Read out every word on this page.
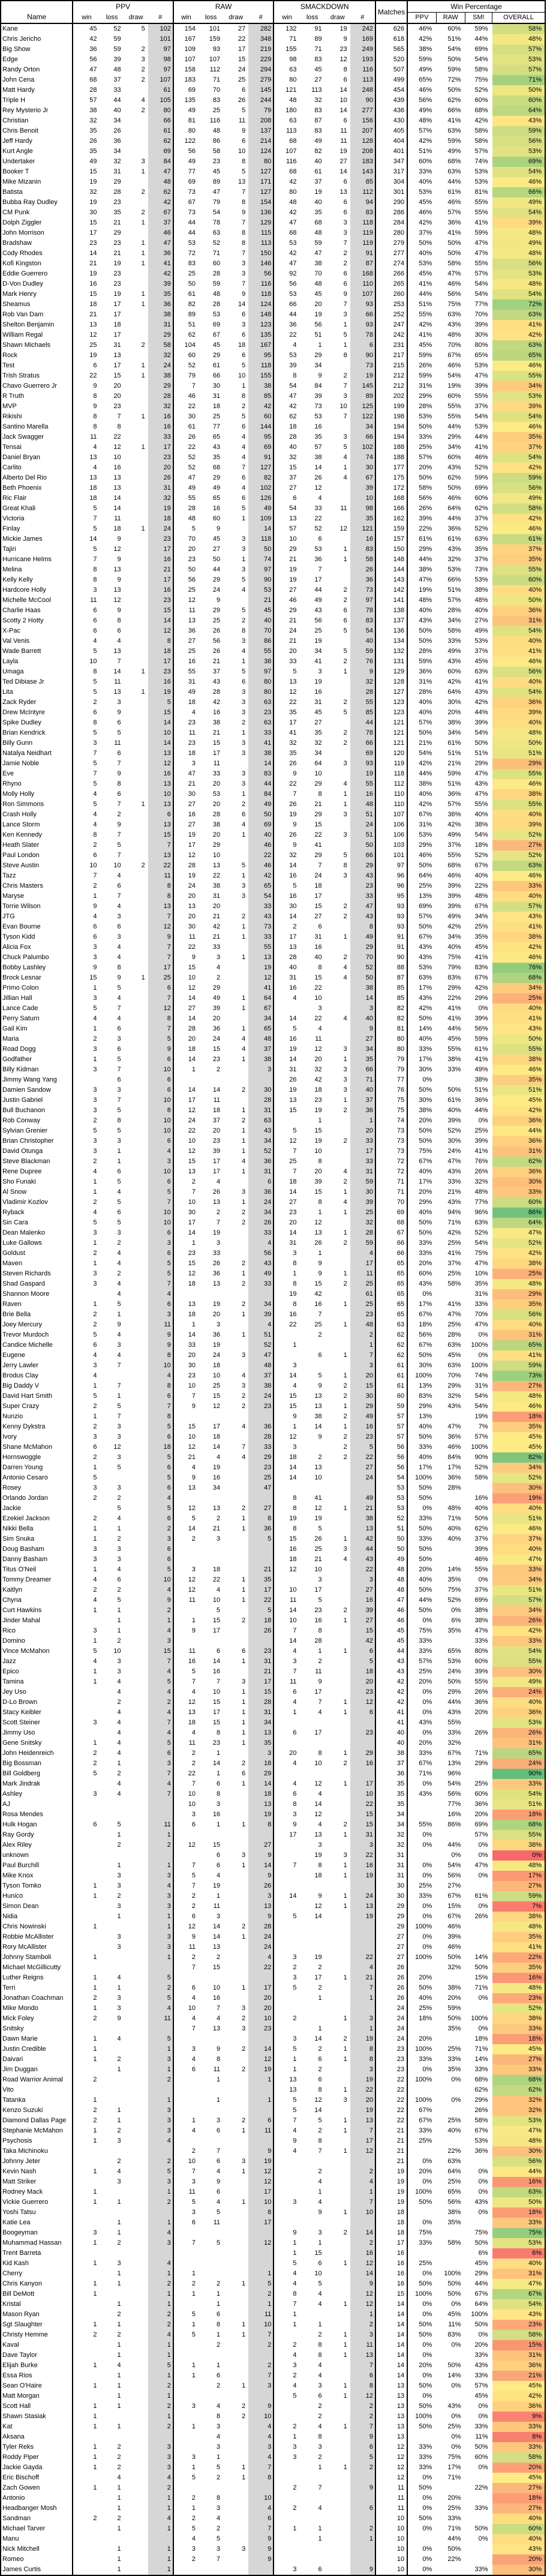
Name	PPV				RAW				SMACKDOWN				Matches	Win Percentage			
	win	loss	draw	#	win	loss	draw	#	win	loss	draw	#		PPV	RAW	SM!	OVERALL
Kane	45	52	5	102	154	101	27	282	132	91	19	242	626	46%	60%	59%	58%
Chris Jericho	42	59		101	167	159	22	348	71	89	9	169	618	42%	51%	44%	48%
Big Show	36	59	2	97	109	93	17	219	155	71	23	249	565	38%	54%	69%	57%
Edge	56	39	3	98	107	107	15	229	98	83	12	193	520	59%	50%	54%	53%
Randy Orton	47	48	2	97	158	112	24	294	63	45	8	116	507	49%	59%	58%	57%
John Cena	68	37	2	107	183	71	25	279	80	27	6	113	499	65%	72%	75%	71%
Matt Hardy	28	33		61	69	70	6	145	121	113	14	248	454	46%	50%	52%	50%
Triple H	57	44	4	105	135	83	26	244	48	32	10	90	439	56%	62%	60%	60%
Rey Mysterio Jr	38	40	2	80	49	25	5	79	180	83	14	277	436	49%	66%	68%	64%
Christian	32	34		66	81	116	11	208	63	87	6	156	430	48%	41%	42%	43%
Chris Benoit	35	26		61	80	48	9	137	113	83	11	207	405	57%	63%	58%	59%
Jeff Hardy	26	36		62	122	86	6	214	68	49	11	128	404	42%	59%	58%	56%
Kurt Angle	35	34		69	56	58	10	124	107	82	19	208	401	51%	49%	57%	53%
Undertaker	49	32	3	84	49	23	8	80	116	40	27	183	347	60%	68%	74%	69%
Booker T	15	31	1	47	77	45	5	127	68	61	14	143	317	33%	63%	53%	54%
Mike Mizanin	19	29		48	69	89	13	171	42	37	6	85	304	40%	44%	53%	46%
Batista	32	28	2	62	73	47	7	127	80	19	13	112	301	53%	61%	81%	66%
Bubba Ray Dudley	19	23		42	67	79	8	154	48	40	6	94	290	45%	46%	55%	49%
CM Punk	30	35	2	67	73	54	9	136	42	35	6	83	286	46%	57%	55%	54%
Dolph Ziggler	15	21	1	37	44	78	7	129	47	68	3	118	284	42%	36%	41%	39%
John Morrison	17	29		46	44	63	8	115	68	48	3	119	280	37%	41%	59%	48%
Bradshaw	23	23	1	47	53	52	8	113	53	59	7	119	279	50%	50%	47%	49%
Cody Rhodes	14	21	1	36	72	71	7	150	42	47	2	91	277	40%	50%	47%	48%
Kofi Kingston	21	19	1	41	83	60	3	146	47	38	2	87	274	53%	58%	55%	56%
Eddie Guerrero	19	23		42	25	28	3	56	92	70	6	168	266	45%	47%	57%	53%
D-Von Dudley	16	23		39	50	59	7	116	56	48	6	110	265	41%	46%	54%	48%
Mark Henry	15	19	1	35	61	48	9	118	53	45	9	107	260	44%	56%	54%	54%
Sheamus	18	17	1	36	82	28	14	124	66	20	7	93	253	51%	75%	77%	72%
Rob Van Dam	21	17		38	89	53	6	148	44	19	3	66	252	55%	63%	70%	63%
Shelton Benjamin	13	18		31	51	69	3	123	36	56	1	93	247	42%	43%	39%	41%
William Regal	12	17		29	62	67	6	135	22	51	5	78	242	41%	48%	30%	42%
Shawn Michaels	25	31	2	58	104	45	18	167	4	1	1	6	231	45%	70%	80%	63%
Rock	19	13		32	60	29	6	95	53	29	8	90	217	59%	67%	65%	65%
Test	6	17	1	24	52	61	5	118	39	34		73	215	26%	46%	53%	46%
Trish Stratus	22	15	1	38	79	66	10	155	8	9	2	19	212	59%	54%	47%	55%
Chavo Guerrero Jr	9	20		29	7	30	1	38	54	84	7	145	212	31%	19%	39%	34%
R Truth	8	20		28	46	31	8	85	47	39	3	89	202	29%	60%	55%	53%
MVP	9	23		32	22	18	2	42	42	73	10	125	199	28%	55%	37%	39%
Rikishi	8	7	1	16	30	25	5	60	62	53	7	122	198	53%	55%	54%	54%
Santino Marella	8	8		16	61	77	6	144	18	16		34	194	50%	44%	53%	46%
Jack Swagger	11	22		33	26	65	4	95	28	35	3	66	194	33%	29%	44%	35%
Tensai	4	12	1	17	22	43	4	69	40	57	5	102	188	25%	34%	41%	37%
Daniel Bryan	13	10		23	52	35	4	91	32	38	4	74	188	57%	60%	46%	54%
Carlito	4	16		20	52	68	7	127	15	14	1	30	177	20%	43%	52%	42%
Alberto Del Rio	13	13		26	47	29	6	82	37	26	4	67	175	50%	62%	59%	59%
Beth Phoenix	18	13		31	49	49	4	102	27	12		39	172	58%	50%	69%	56%
Ric Flair	18	14		32	55	65	6	126	6	4		10	168	56%	46%	60%	49%
Great Khali	5	14		19	28	16	5	49	54	33	11	98	166	26%	64%	62%	58%
Victoria	7	11		18	48	60	1	109	13	22		35	162	39%	44%	37%	42%
Finlay	5	18	1	24	5	9		14	57	52	12	121	159	22%	36%	52%	46%
Mickie James	14	9		23	70	45	3	118	10	6		16	157	61%	61%	63%	61%
Tajiri	5	12		17	20	27	3	50	29	53	1	83	150	29%	43%	35%	37%
Hurricane Helms	7	9		16	23	50	1	74	21	36	1	58	148	44%	32%	37%	35%
Melina	8	13		21	50	44	3	97	19	7		26	144	38%	53%	73%	55%
Kelly Kelly	8	9		17	56	29	5	90	19	17		36	143	47%	66%	53%	60%
Hardcore Holly	3	13		16	25	24	4	53	27	44	2	73	142	19%	51%	38%	40%
Michelle McCool	11	12		23	12	9		21	46	49	2	97	141	48%	57%	48%	50%
Charlie Haas	6	9		15	11	29	5	45	29	43	6	78	138	40%	28%	40%	36%
Scotty 2 Hotty	6	8		14	13	25	2	40	21	56	6	83	137	43%	34%	27%	31%
X-Pac	6	6		12	36	26	8	70	24	25	5	54	136	50%	58%	49%	54%
Val Venis	4	4		8	27	56	3	86	21	19		40	134	50%	33%	53%	40%
Wade Barrett	5	13		18	25	26	4	55	20	34	5	59	132	28%	49%	37%	41%
Layla	10	7		17	16	21	1	38	33	41	2	76	131	59%	43%	45%	46%
Umaga	8	14	1	23	55	37	5	97	5	3	1	9	129	36%	60%	63%	56%
Ted Dibiase Jr	5	11		16	31	43	6	80	13	19		32	128	31%	42%	41%	40%
Lita	5	13	1	19	49	28	3	80	12	16		28	127	28%	64%	43%	54%
Zack Ryder	2	3		5	18	42	3	63	22	31	2	55	123	40%	30%	42%	36%
Drew McIntyre	6	9		15	4	16	3	23	35	45	5	85	123	40%	20%	44%	39%
Spike Dudley	8	6		14	23	38	2	63	17	27		44	121	57%	38%	39%	40%
Brian Kendrick	5	5		10	11	21	1	33	41	35	2	78	121	50%	34%	54%	48%
Billy Gunn	3	11		14	23	15	3	41	32	32	2	66	121	21%	61%	50%	50%
Natalya Neidhart	7	6		13	18	17	3	38	35	34		69	120	54%	51%	51%	51%
Jamie Noble	5	7		12	3	11		14	26	64	3	93	119	42%	21%	29%	29%
Eve	7	9		16	47	33	3	83	9	10		19	118	44%	59%	47%	55%
Rhyno	5	8		13	21	20	3	44	22	29	4	55	112	38%	51%	43%	46%
Molly Holly	4	6		10	30	53	1	84	7	8	1	16	110	40%	36%	47%	38%
Ron Simmons	5	7	1	13	27	20	2	49	26	21	1	48	110	42%	57%	55%	55%
Crash Holly	4	2		6	16	28	6	50	19	29	3	51	107	67%	36%	40%	40%
Lance Storm	4	9		13	27	38	4	69	9	15		24	106	31%	42%	38%	39%
Ken Kennedy	8	7		15	19	20	1	40	26	22	3	51	106	53%	49%	54%	52%
Heath Slater	2	5		7	17	29		46	9	41		50	103	29%	37%	18%	27%
Paul London	6	7		13	12	10		22	32	29	5	66	101	46%	55%	52%	52%
Steve Austin	10	10	2	22	28	13	5	46	14	7	8	29	97	50%	68%	67%	63%
Tazz	7	4		11	19	22	1	42	16	24	3	43	96	64%	46%	40%	46%
Chris Masters	2	6		8	24	38	3	65	5	18		23	96	25%	39%	22%	33%
Maryse	1	7		8	20	31	3	54	16	17		33	95	13%	39%	48%	40%
Torrie Wilson	9	4		13	13	20		33	30	15	2	47	93	69%	39%	67%	57%
JTG	4	3		7	20	21	2	43	14	27	2	43	93	57%	49%	34%	43%
Evan Bourne	6	6		12	30	42	1	73	2	6		8	93	50%	42%	25%	41%
Tyson Kidd	6	3		9	11	21	1	33	17	31	1	49	91	67%	34%	35%	38%
Alicia Fox	3	4		7	22	33		55	13	16		29	91	43%	40%	45%	42%
Chuck Palumbo	3	4		7	9	3	1	13	28	40	2	70	90	43%	75%	41%	46%
Bobby Lashley	9	8		17	15	4		19	40	8	4	52	88	53%	79%	83%	76%
Brock Lesnar	15	9	1	25	10	2		12	31	15	4	50	87	63%	83%	67%	68%
Primo Colon	1	5		6	12	29		41	16	22		38	85	17%	29%	42%	34%
Jillian Hall	3	4		7	14	49	1	64	4	10		14	85	43%	22%	29%	25%
Lance Cade	5	7		12	27	39	1	67		3		3	82	42%	41%	0%	40%
Perry Saturn	4	4		8	14	20		34	14	22	4	40	82	50%	41%	39%	41%
Gail Kim	1	6		7	28	36	1	65	5	4		9	81	14%	44%	56%	43%
Maria	2	3		5	20	24	4	48	16	11		27	80	40%	45%	59%	50%
Road Dogg	3	6		9	18	15	4	37	19	12	3	34	80	33%	55%	61%	55%
Godfather	1	5		6	14	23	1	38	14	20	1	35	79	17%	38%	41%	38%
Billy Kidman	3	7		10	1	2		3	31	32	3	66	79	30%	33%	49%	46%
Jimmy Wang Yang		6		6					26	42	3	71	77	0%		38%	35%
Damien Sandow	3	3		6	14	14	2	30	19	18	3	40	76	50%	50%	51%	51%
Justin Gabriel	3	7		10	17	11		28	13	23	1	37	75	30%	61%	36%	45%
Bull Buchanon	3	5		8	12	18	1	31	15	19	2	36	75	38%	40%	44%	42%
Rob Conway	2	8		10	24	37	2	63		1		1	74	20%	39%	0%	36%
Sylvian Grenier	5	5		10	22	20	1	43	5	15		20	73	50%	52%	25%	44%
Brian Christopher	3	3		6	10	23	1	34	12	19	2	33	73	50%	30%	39%	36%
David Otunga	3	1		4	12	39	1	52	7	10		17	73	75%	24%	41%	31%
Steve Blackman	2	1		3	15	17	4	36	25	8		33	72	67%	47%	76%	62%
Rene Dupree	4	6		10	13	17	1	31	7	20	4	31	72	40%	43%	26%	36%
Sho Funaki	1	5		6	2	4		6	18	39	2	59	71	17%	33%	32%	30%
Al Snow	1	4		5	7	26	3	36	14	15	1	30	71	20%	21%	48%	33%
Vladimir Kozlov	2	5		7	10	13	1	24	27	8	4	39	70	29%	43%	77%	60%
Ryback	4	6		10	30	2	2	34	23	1	1	25	69	40%	94%	96%	86%
Sin Cara	5	5		10	17	7	2	26	20	12		32	68	50%	71%	63%	64%
Dean Malenko	3	3		6	14	19		33	14	13	1	28	67	50%	42%	52%	47%
Luke Gallows	1	2		3	1	3		4	31	26	2	59	66	33%	25%	54%	52%
Goldust	2	4		6	23	33		56	3	1		4	66	33%	41%	75%	42%
Maven	1	4		5	15	26	2	43	8	9		17	65	20%	37%	47%	38%
Steven Richards	3	2		5	12	36	1	49	1	9	1	11	65	60%	25%	10%	25%
Shad Gaspard	3	4		7	18	13	2	33	8	15	2	25	65	43%	58%	35%	48%
Shannon Moore		4		4					19	42		61	65	0%		31%	29%
Raven	1	5		6	13	19	2	34	8	16	1	25	65	17%	41%	33%	35%
Brie Bella	2	1		3	18	20	1	39	16	7		23	65	67%	47%	70%	56%
Joey Mercury	2	9		11	1	3		4	22	25	1	48	63	18%	25%	47%	40%
Trevor Murdoch	5	4		9	14	36	1	51		2		2	62	56%	28%	0%	31%
Candice Michelle	6	3		9	33	19		52	1			1	62	67%	63%	100%	65%
Eugene	4	4		8	20	24	3	47		6	1	7	62	50%	45%	0%	41%
Jerry Lawler	3	7		10	30	18		48	3			3	61	30%	63%	100%	59%
Brodus Clay	4			4	23	10	4	37	14	5	1	20	61	100%	70%	74%	73%
Big Daddy V	1	7		8	10	25	3	38	4	9	2	15	61	13%	29%	31%	27%
David Hart Smith	5	1		6	7	15	2	24	15	13	2	30	60	83%	32%	54%	48%
Super Crazy	2	5		7	9	12	2	23	15	13	1	29	59	29%	43%	54%	46%
Nunzio	1	7		8					9	38	2	49	57	13%		19%	18%
Kenny Dykstra	2	3		5	15	17	4	36	1	14	1	16	57	40%	47%	7%	35%
Ivory	3	3		6	10	18		28	12	9	2	23	57	50%	36%	57%	45%
Shane McMahon	6	12		18	12	14	7	33	3		2	5	56	33%	46%	100%	45%
Hornswoggle	2	3		5	21	4	4	29	18	2	2	22	56	40%	84%	90%	82%
Darren Young	1	5		6	4	19		23	14	13		27	56	17%	17%	52%	34%
Antonio Cesaro	5			5	9	16		25	14	10		24	54	100%	36%	58%	52%
Rosey	3	3		6	13	34		47					53	50%	28%		30%
Orlando Jordan	2	2		4					8	41		49	53	50%		16%	19%
Jackie		5		5	12	13	2	27	8	12	1	21	53	0%	48%	40%	40%
Ezekiel Jackson	2	4		6	5	2	1	8	19	19		38	52	33%	71%	50%	51%
Nikki Bella	1	1		2	14	21	1	36	8	5		13	51	50%	40%	62%	46%
Sim Snuka	1	2		3	2	3		5	15	26	1	42	50	33%	40%	37%	37%
Doug Basham	3	3		6					16	25	3	44	50	50%		39%	40%
Danny Basham	3	3		6					18	21	4	43	49	50%		46%	47%
Titus O'Neil	1	4		5	3	18		21	12	10		22	48	20%	14%	55%	33%
Tommy Dreamer	4	6		10	12	22	1	35		3		3	48	40%	35%	0%	34%
Kaitlyn	2	2		4	12	4	1	17	10	17		27	48	50%	75%	37%	51%
Chyna	4	5		9	11	10	1	22	11	5		16	47	44%	52%	69%	57%
Curt Hawkins	1	1		2		5		5	14	23	2	39	46	50%	0%	38%	34%
Jinder Mahal		1		1	1	15	2	18	10	16	1	27	46	0%	6%	38%	26%
Rico	3	1		4	9	17		26	7	8		15	45	75%	35%	47%	42%
Domino	1	2		3					14	28		42	45	33%		33%	33%
Vince McMahon	5	10		15	11	6	6	23	4	1	1	6	44	33%	65%	80%	54%
Jazz	4	3		7	16	14	1	31	3	2		5	43	57%	53%	60%	55%
Epico	1	3		4	5	16		21	7	11		18	43	25%	24%	39%	30%
Tamina	1	4		5	7	7	3	17	11	9		20	42	20%	50%	55%	49%
Jey Uso		4		4	4	10	1	15	6	17		23	42	0%	29%	26%	24%
D-Lo Brown		2		2	12	15	1	28	4	7	1	12	42	0%	44%	36%	40%
Stacy Keibler		4		4	13	17	1	31	1	4	1	6	41	0%	43%	20%	36%
Scott Steiner	3	4		7	18	15	1	34					41	43%	55%		53%
Jimmy Uso		4		4	4	8	1	13	6	17		23	40	0%	33%	26%	26%
Gene Snitsky	1	4		5	11	23	1	35					40	20%	32%		31%
John Heidenreich	2	4		6	2	1		3	20	8	1	29	38	33%	67%	71%	65%
Big Bossman	2	1		3	2	14	2	18	4	10	2	16	37	67%	13%	29%	24%
Bill Goldberg	5	2		7	22	1	6	29					36	71%	96%		90%
Mark Jindrak		4		4	7	6	1	14	4	12	1	17	35	0%	54%	25%	33%
Ashley	3	4		7	10	8		18	6	4		10	35	43%	56%	60%	54%
AJ					10	3		13	8	14		22	35		77%	36%	51%
Rosa Mendes					3	16		19	3	12		15	34		16%	20%	18%
Hulk Hogan	6	5		11	6	1	1	8	9	4	2	15	34	55%	86%	69%	68%
Ray Gordy		1		1					17	13	1	31	32	0%		57%	55%
Alex Riley		2		2	12	15		27		3		3	32	0%	44%	0%	38%
unknown						6	3	9		19	3	22	31		0%	0%	0%
Paul Burchill		1		1	7	6	1	14	7	8	1	16	31	0%	54%	47%	48%
Mike Knox		3		3	5	4		9		18	1	19	31	0%	56%	0%	17%
Tyson Tomko	1	3		4	7	19		26					30	25%	27%		27%
Hunico	1	2		3	2	1		3	14	9	1	24	30	33%	67%	61%	59%
Simon Dean		3		3	2	11		13		12	1	13	29	0%	15%	0%	7%
Nidia		1		1	6	3		9	5	14		19	29	0%	67%	26%	38%
Chris Nowinski	1			1	12	14	2	28					29	100%	46%		48%
Robbie McAllister		3		3	9	14	1	24					27	0%	39%		35%
Rory McAllister		3		3	11	13		24					27	0%	46%		41%
Johnny Stamboli	1			1	2	2		4	3	19		22	27	100%	50%	14%	22%
Michael McGillicutty					7	15		22	2	2		4	26		32%	50%	35%
Luther Reigns	1	4		5					3	17	1	21	26	20%		15%	16%
Terri	1	1		2	6	10	1	17	5	2		7	26	50%	38%	71%	48%
Jonathan Coachman	2	3		5	4	16		20		1		1	26	40%	20%	0%	23%
Mike Mondo	1	3		4	10	7	3	20					24	25%	59%		52%
Mick Foley	2	9		11	4	4	2	10	2		1	3	24	18%	50%	100%	38%
Snitsky					7	13	3	23		1		1	24		35%	0%	33%
Dawn Marie	1	4		5					3	14	2	19	24	20%		18%	18%
Justin Credible	1			1	3	9	2	14	5	2	1	8	23	100%	25%	71%	45%
Daivari	1	2		3	4	8		12	1	6	1	8	23	33%	33%	14%	27%
Jim Duggan		1		1	6	11	2	19	1	2		3	23	0%	35%	33%	33%
Road Warrior Animal	2			2		1		1	13	6		19	22	100%	0%	68%	68%
Vito									13	8	1	22	22			62%	62%
Tatanka	1			1		1		1	5	12	3	20	22	100%	0%	29%	32%
Kenzo Suzuki	2	1		3					5	14		19	22	67%		26%	32%
Diamond Dallas Page	2	1		3	1	3	2	6	7	5	1	13	22	67%	25%	58%	53%
Stephanie McMahon	1	2		3	4	6	1	11	4	2	1	7	21	33%	40%	67%	47%
Psychosis	1	3		4					9	8		17	21	25%		53%	48%
Taka Michinoku					2	7		9	4	7	1	12	21		22%	36%	30%
Johnny Jeter		2		2	10	6	3	19					21	0%	63%		56%
Kevin Nash	1	4		5	7	4	1	12		2		2	19	20%	64%	0%	44%
Matt Striker		3		3	3	9		12		4		4	19	0%	25%	0%	16%
Rodney Mack	1			1	11	6		17		1		1	19	100%	65%	0%	63%
Vickie Guerrero	1	1		2	5	4	1	10	3	4		7	19	50%	56%	43%	50%
Yoshi Tatsu					3	5		8		9	1	10	18		38%	0%	18%
Katie Lea		1		1	6	11		17					18	0%	35%		33%
Boogeyman	3	1		4					9	3	2	14	18	75%		75%	75%
Muhammad Hassan	1	2		3	7	5		12	1	1		2	17	33%	58%	50%	53%
Trent Barreta									1	15		16	16			6%	6%
Kid Kash	1	3		4					5	6	1	12	16	25%		45%	40%
Cherry		1		1	1			1	4	10		14	16	0%	100%	29%	31%
Chris Kanyon	1	1		2	2	2	1	5	4	5		9	16	50%	50%	44%	47%
Bill DeMott	1			1	1	1		2	8	4		12	15	100%	50%	67%	67%
Kristal		1		1		1		1	7	4	1	12	14	0%	0%	64%	54%
Mason Ryan		2		2	5	6		11	1			1	14	0%	45%	100%	43%
Sgt Slaughter	1	1		2	1	8	1	10	1	1		2	14	50%	11%	50%	23%
Christy Hemme	2	2		4	5	1	1	7		2	1	3	14	50%	83%	0%	58%
Kaval		1		1		2		2	2	8	1	11	14	0%	0%	20%	15%
Dave Taylor		1		1					4	8	1	13	14	0%		33%	31%
Elijah Burke	1	4		5	1	1		2	3	4		7	14	20%	50%	43%	36%
Essa Rios		1		1	1	6		7	2	4		6	14	0%	14%	33%	21%
Sean O'Haire	1	1		2		2	1	3	4	3	1	8	13	50%	0%	57%	45%
Matt Morgan		1		1					5	6	1	12	13	0%		45%	42%
Scott Hall	1	1		2	3	4	2	9		2		2	13	50%	43%	0%	36%
Shawn Stasiak	1			1		8	2	10		2		2	13	100%	0%	0%	9%
Kat	1	1		2	1	3		4	2	4	1	7	13	50%	25%	33%	33%
Aksana						4		4	1	8		9	13		0%	11%	8%
Tyler Reks	1	2		3		3		3	3	3		6	12	33%	0%	50%	33%
Roddy Piper	1	2		3	3	1		4	3	2		5	12	33%	75%	60%	58%
Jackie Gayda	1	2		3	1	5	1	7		1	1	2	12	33%	17%	0%	20%
Eric Bischoff		4		4	5	2	1	8					12	0%	71%		45%
Zach Gowen	1	1		2					2	7		9	11	50%		22%	27%
Antonio		1		1	2	8		10					11	0%	20%		18%
Headbanger Mosh		1		1	1	3		4	2	4		6	11	0%	25%	33%	27%
Sandman	2	2		4	2	4		6					10	50%	33%		40%
Michael Tarver		1		1	5	2		7	1	1		2	10	0%	71%	50%	60%
Manu					4	5		9		1		1	10		44%	0%	40%
Nick Mitchell		1		1	3	3	3	9					10	0%	50%		43%
Romeo		1		1	2	7		9					10	0%	22%		20%
James Curtis		1		1					3	6		9	10	0%		33%	30%
